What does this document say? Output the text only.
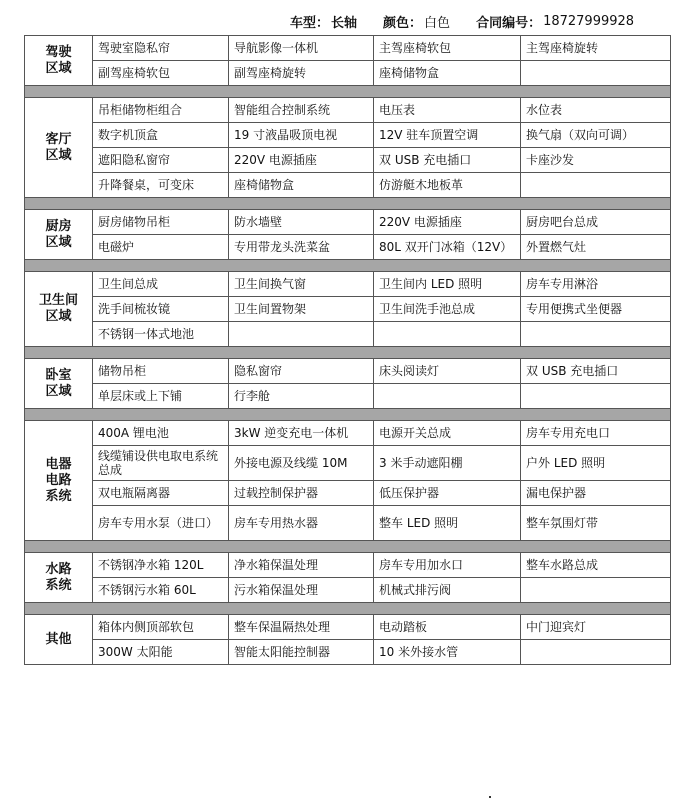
车型： 长轴 颜色： 白色 合同编号： 18727999928
驾驶
区域	驾驶室隐私帘	导航影像一体机	主驾座椅软包	主驾座椅旋转
	副驾座椅软包	副驾座椅旋转	座椅储物盒	

客厅
区域	吊柜储物柜组合	智能组合控制系统	电压表	水位表
	数字机顶盒	19 寸液晶吸顶电视	12V 驻车顶置空调	换气扇（双向可调）
	遮阳隐私窗帘	220V 电源插座	双 USB 充电插口	卡座沙发
	升降餐桌，可变床	座椅储物盒	仿游艇木地板革	

厨房
区域	厨房储物吊柜	防水墙壁	220V 电源插座	厨房吧台总成
	电磁炉	专用带龙头洗菜盆	80L 双开门冰箱（12V）	外置燃气灶

卫生间
区域	卫生间总成	卫生间换气窗	卫生间内 LED 照明	房车专用淋浴
	洗手间梳妆镜	卫生间置物架	卫生间洗手池总成	专用便携式坐便器
	不锈钢一体式地池			

卧室
区域	储物吊柜	隐私窗帘	床头阅读灯	双 USB 充电插口
	单层床或上下铺	行李舱		

电器
电路
系统	400A 锂电池	3kW 逆变充电一体机	电源开关总成	房车专用充电口
	线缆铺设供电取电系统总成	外接电源及线缆 10M	3 米手动遮阳棚	户外 LED 照明
	双电瓶隔离器	过载控制保护器	低压保护器	漏电保护器
	房车专用水泵（进口）	房车专用热水器	整车 LED 照明	整车氛围灯带

水路
系统	不锈钢净水箱 120L	净水箱保温处理	房车专用加水口	整车水路总成
	不锈钢污水箱 60L	污水箱保温处理	机械式排污阀	

其他	箱体内侧顶部软包	整车保温隔热处理	电动踏板	中门迎宾灯
	300W 太阳能	智能太阳能控制器	10 米外接水管	
